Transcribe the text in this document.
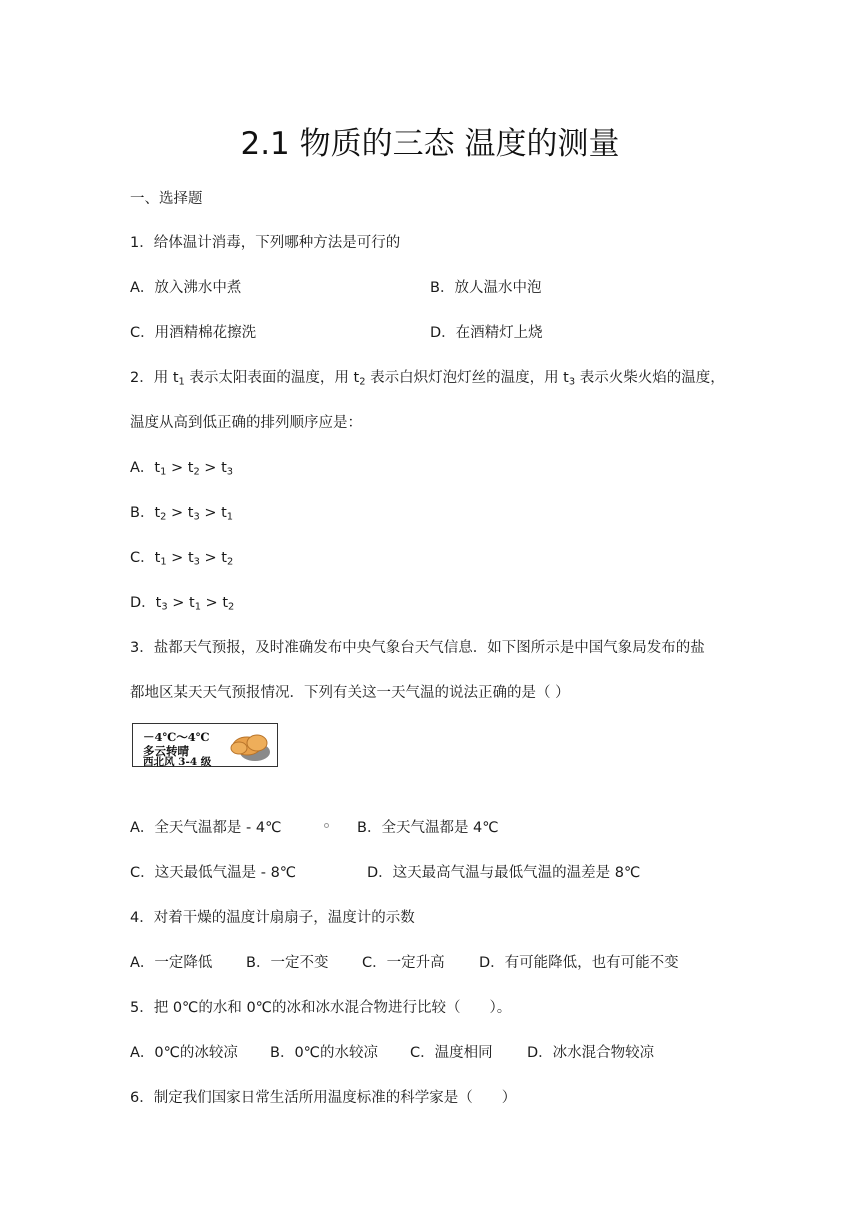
2.1 物质的三态 温度的测量
一、选择题
1．给体温计消毒，下列哪种方法是可行的
A．放入沸水中煮	B．放人温水中泡
C．用酒精棉花擦洗	D．在酒精灯上烧
2．用 $t_1$ 表示太阳表面的温度，用 $t_2$ 表示白炽灯泡灯丝的温度，用 $t_3$ 表示火柴火焰的温度，
温度从高到低正确的排列顺序应是：
A．$t_1 > t_2 > t_3$
B．$t_2 > t_3 > t_1$
C．$t_1 > t_3 > t_2$
D．$t_3 > t_1 > t_2$
3．盐都天气预报，及时准确发布中央气象台天气信息．如下图所示是中国气象局发布的盐
都地区某天天气预报情况．下列有关这一天气温的说法正确的是（ ）
－4℃～4℃
多云转晴
西北风 3-4 级
A．全天气温都是 - 4℃	B．全天气温都是 4℃
C．这天最低气温是 - 8℃	D．这天最高气温与最低气温的温差是 8℃
4．对着干燥的温度计扇扇子，温度计的示数
A．一定降低 B．一定不变 C．一定升高 D．有可能降低，也有可能不变
5．把 0℃的水和 0℃的冰和冰水混合物进行比较（　　）。
A．0℃的冰较凉 B．0℃的水较凉 C．温度相同 D．冰水混合物较凉
6．制定我们国家日常生活所用温度标准的科学家是（　　）
